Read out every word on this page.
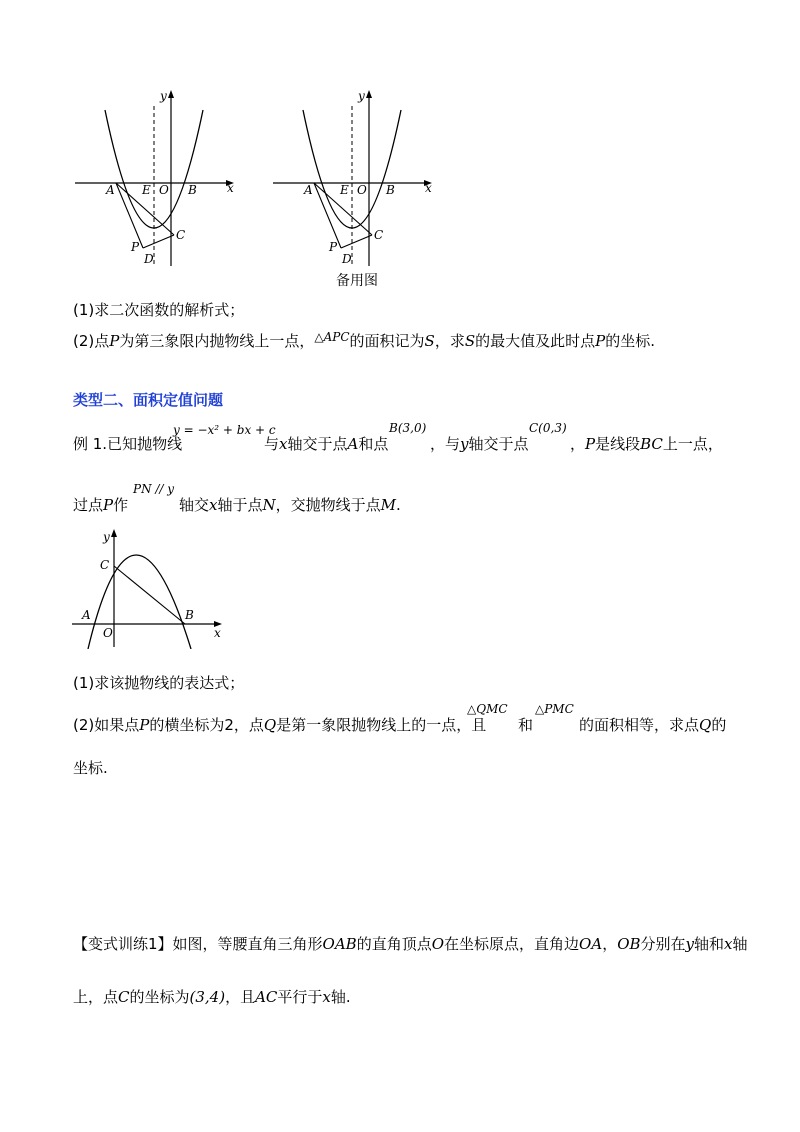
y
x
A E O B
C
P
D
y
x
A E O B
C
P
D
备用图
(1)求二次函数的解析式；
(2)点P为第三象限内抛物线上一点，$^{\triangle APC}$的面积记为S，求S的最大值及此时点P的坐标.
类型二、面积定值问题
例 1.已知抛物线
y = −x² + bx + c
与x轴交于点A和点
B(3,0)
，与y轴交于点
C(0,3)
，P是线段BC上一点，
过点P作
PN // y
轴交x轴于点N，交抛物线于点M.
y
x
A
O
B
C
(1)求该抛物线的表达式；
(2)如果点P的横坐标为2，点Q是第一象限抛物线上的一点，且
△QMC
和
△PMC
的面积相等，求点Q的
坐标.
【变式训练1】如图，等腰直角三角形OAB的直角顶点O在坐标原点，直角边OA，OB分别在y轴和x轴
上，点C的坐标为(3,4)，且AC平行于x轴.
